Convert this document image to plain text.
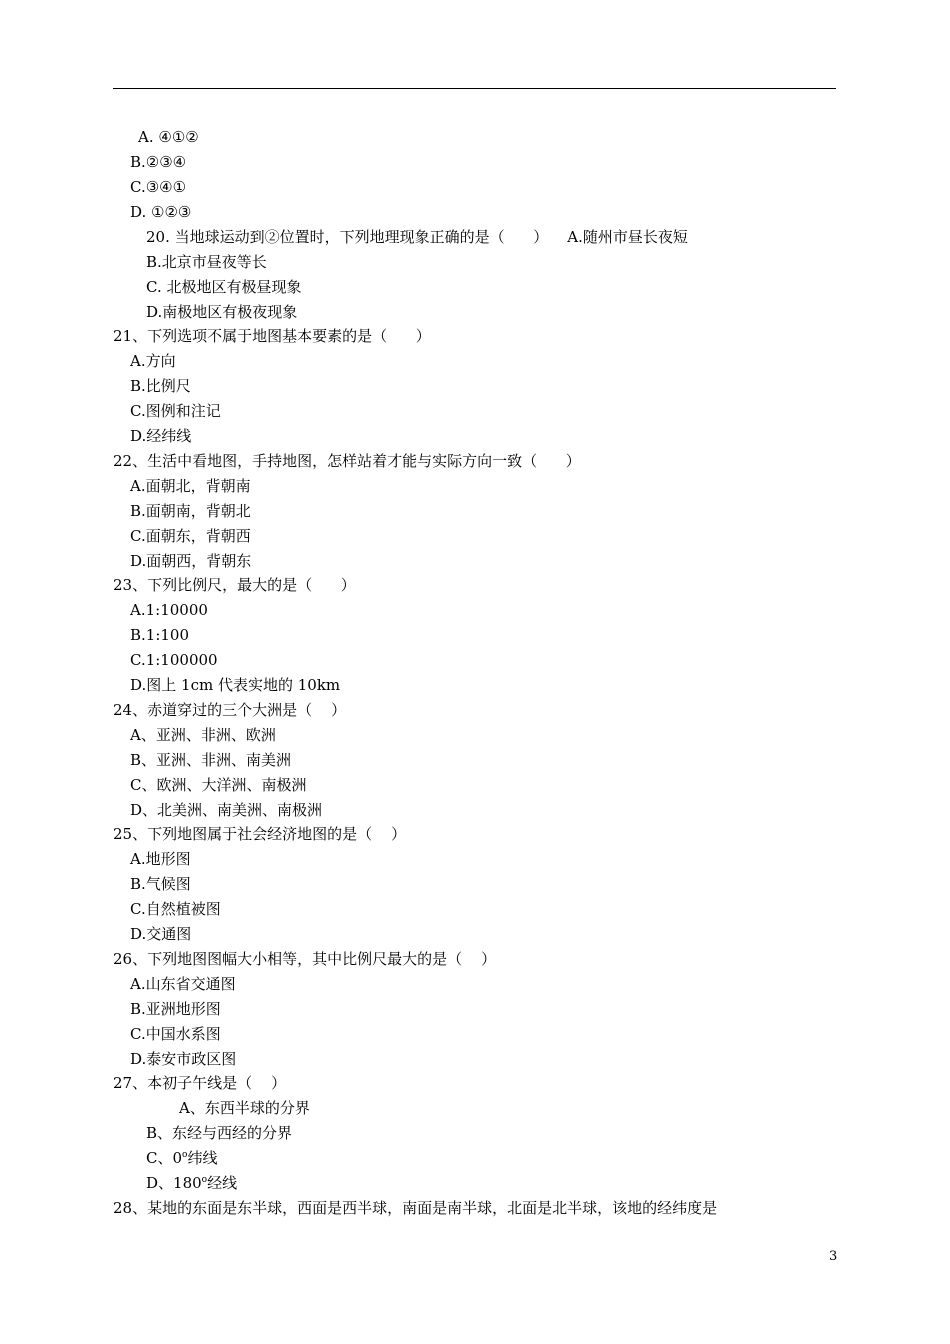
A. ④①②
B.②③④
C.③④①
D. ①②③
20. 当地球运动到②位置时，下列地理现象正确的是（      ）    A.随州市昼长夜短
B.北京市昼夜等长
C. 北极地区有极昼现象
D.南极地区有极夜现象
21、下列选项不属于地图基本要素的是（      ）
A.方向
B.比例尺
C.图例和注记
D.经纬线
22、生活中看地图，手持地图，怎样站着才能与实际方向一致（      ）
A.面朝北，背朝南
B.面朝南，背朝北
C.面朝东，背朝西
D.面朝西，背朝东
23、下列比例尺，最大的是（      ）
A.1:10000
B.1:100
C.1:100000
D.图上 1cm 代表实地的 10km
24、赤道穿过的三个大洲是（    ）
A、亚洲、非洲、欧洲
B、亚洲、非洲、南美洲
C、欧洲、大洋洲、南极洲
D、北美洲、南美洲、南极洲
25、下列地图属于社会经济地图的是（    ）
A.地形图
B.气候图
C.自然植被图
D.交通图
26、下列地图图幅大小相等，其中比例尺最大的是（    ）
A.山东省交通图
B.亚洲地形图
C.中国水系图
D.泰安市政区图
27、本初子午线是（    ）
A、东西半球的分界
B、东经与西经的分界
C、0$^o$纬线
D、180$^o$经线
28、某地的东面是东半球，西面是西半球，南面是南半球，北面是北半球，该地的经纬度是
3
